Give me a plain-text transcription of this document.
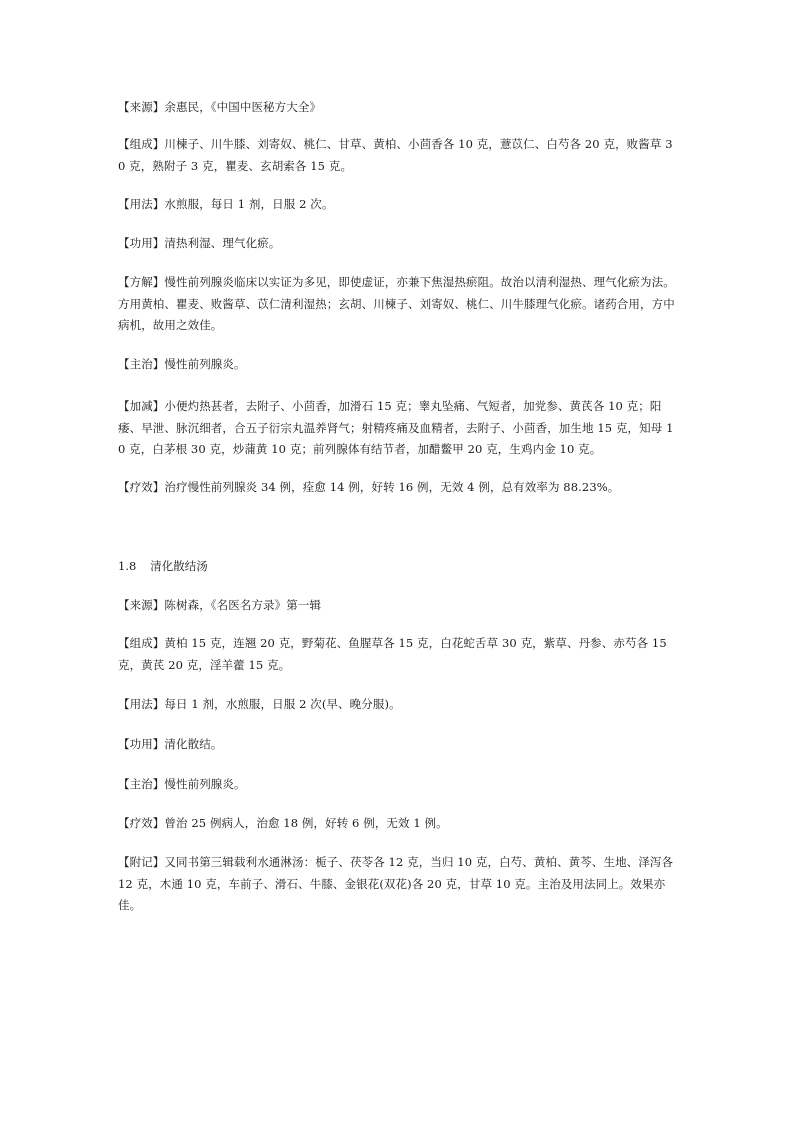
【来源】余惠民，《中国中医秘方大全》

【组成】川楝子、川牛膝、刘寄奴、桃仁、甘草、黄柏、小茴香各 10 克，薏苡仁、白芍各 20 克，败酱草 30 克，熟附子 3 克，瞿麦、玄胡索各 15 克。

【用法】水煎服，每日 1 剂，日服 2 次。

【功用】清热利湿、理气化瘀。

【方解】慢性前列腺炎临床以实证为多见，即使虚证，亦兼下焦湿热瘀阻。故治以清利湿热、理气化瘀为法。方用黄柏、瞿麦、败酱草、苡仁清利湿热；玄胡、川楝子、刘寄奴、桃仁、川牛膝理气化瘀。诸药合用，方中病机，故用之效佳。

【主治】慢性前列腺炎。

【加减】小便灼热甚者，去附子、小茴香，加滑石 15 克；睾丸坠痛、气短者，加党参、黄芪各 10 克；阳痿、早泄、脉沉细者，合五子衍宗丸温养肾气；射精疼痛及血精者，去附子、小茴香，加生地 15 克，知母 10 克，白茅根 30 克，炒蒲黄 10 克；前列腺体有结节者，加醋鳖甲 20 克，生鸡内金 10 克。

【疗效】治疗慢性前列腺炎 34 例，痊愈 14 例，好转 16 例，无效 4 例，总有效率为 88.23%。

1.8 清化散结汤

【来源】陈树森，《名医名方录》第一辑

【组成】黄柏 15 克，连翘 20 克，野菊花、鱼腥草各 15 克，白花蛇舌草 30 克，紫草、丹参、赤芍各 15 克，黄芪 20 克，淫羊藿 15 克。

【用法】每日 1 剂，水煎服，日服 2 次(早、晚分服)。

【功用】清化散结。

【主治】慢性前列腺炎。

【疗效】曾治 25 例病人，治愈 18 例，好转 6 例，无效 1 例。

【附记】又同书第三辑载利水通淋汤：栀子、茯苓各 12 克，当归 10 克，白芍、黄柏、黄芩、生地、泽泻各 12 克，木通 10 克，车前子、滑石、牛膝、金银花(双花)各 20 克，甘草 10 克。主治及用法同上。效果亦佳。
